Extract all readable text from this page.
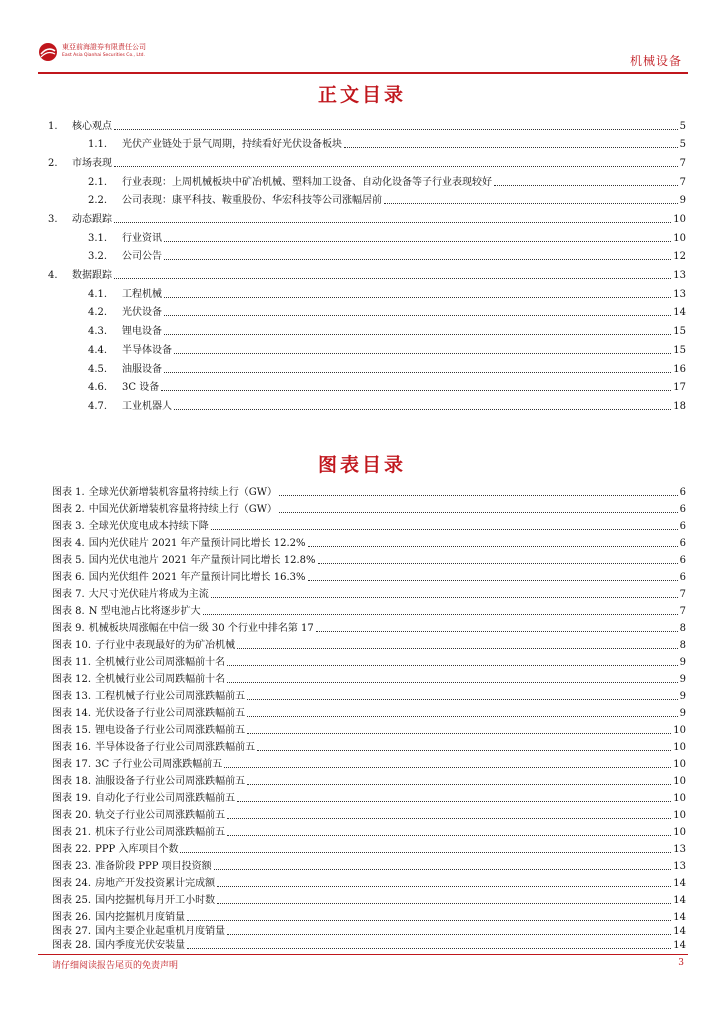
東亞前海證券有限責任公司
East Asia Qianhai Securities Co., Ltd.	机械设备
正文目录
1.	核心观点	5
1.1.	光伏产业链处于景气周期，持续看好光伏设备板块	5
2.	市场表现	7
2.1.	行业表现：上周机械板块中矿冶机械、塑料加工设备、自动化设备等子行业表现较好	7
2.2.	公司表现：康平科技、鞍重股份、华宏科技等公司涨幅居前	9
3.	动态跟踪	10
3.1.	行业资讯	10
3.2.	公司公告	12
4.	数据跟踪	13
4.1.	工程机械	13
4.2.	光伏设备	14
4.3.	锂电设备	15
4.4.	半导体设备	15
4.5.	油服设备	16
4.6.	3C 设备	17
4.7.	工业机器人	18
图表目录
图表 1. 全球光伏新增装机容量将持续上行（GW）	6
图表 2. 中国光伏新增装机容量将持续上行（GW）	6
图表 3. 全球光伏度电成本持续下降	6
图表 4. 国内光伏硅片 2021 年产量预计同比增长 12.2%	6
图表 5. 国内光伏电池片 2021 年产量预计同比增长 12.8%	6
图表 6. 国内光伏组件 2021 年产量预计同比增长 16.3%	6
图表 7. 大尺寸光伏硅片将成为主流	7
图表 8. N 型电池占比将逐步扩大	7
图表 9. 机械板块周涨幅在中信一级 30 个行业中排名第 17	8
图表 10. 子行业中表现最好的为矿冶机械	8
图表 11. 全机械行业公司周涨幅前十名	9
图表 12. 全机械行业公司周跌幅前十名	9
图表 13. 工程机械子行业公司周涨跌幅前五	9
图表 14. 光伏设备子行业公司周涨跌幅前五	9
图表 15. 锂电设备子行业公司周涨跌幅前五	10
图表 16. 半导体设备子行业公司周涨跌幅前五	10
图表 17. 3C 子行业公司周涨跌幅前五	10
图表 18. 油服设备子行业公司周涨跌幅前五	10
图表 19. 自动化子行业公司周涨跌幅前五	10
图表 20. 轨交子行业公司周涨跌幅前五	10
图表 21. 机床子行业公司周涨跌幅前五	10
图表 22. PPP 入库项目个数	13
图表 23. 准备阶段 PPP 项目投资额	13
图表 24. 房地产开发投资累计完成额	14
图表 25. 国内挖掘机每月开工小时数	14
图表 26. 国内挖掘机月度销量	14
图表 27. 国内主要企业起重机月度销量	14
图表 28. 国内季度光伏安装量	14
请仔细阅读报告尾页的免责声明	3
